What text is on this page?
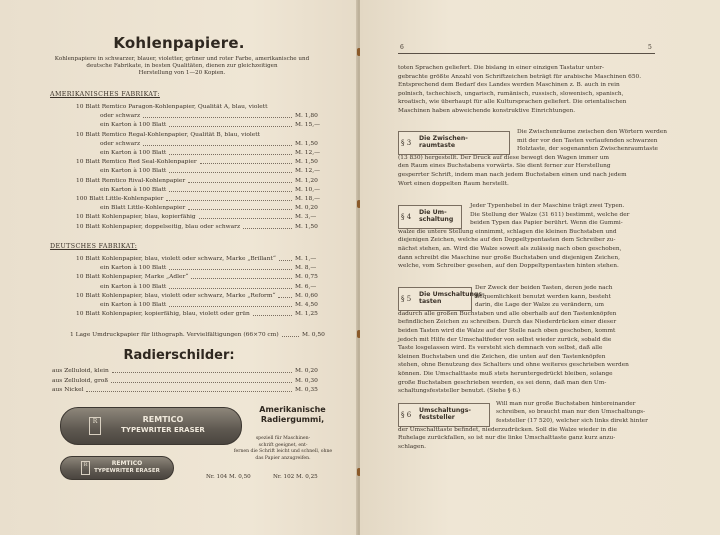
Kohlenpapiere.
Kohlenpapiere in schwarzer, blauer, violetter, grüner und roter Farbe, amerikanische und
deutsche Fabrikate, in besten Qualitäten, dienen zur gleichzeitigen
Herstellung von 1—20 Kopien.
AMERIKANISCHES FABRIKAT:
10 Blatt Remtico Paragon-Kohlenpapier, Qualität A, blau, violett
oder schwarz	M. 1,80
ein Karton à 100 Blatt	M. 15,—
10 Blatt Remtico Regal-Kohlenpapier, Qualität B, blau, violett
oder schwarz	M. 1,50
ein Karton à 100 Blatt	M. 12,—
10 Blatt Remtico Red Seal-Kohlenpapier	M. 1,50
ein Karton à 100 Blatt	M. 12,—
10 Blatt Remtico Rival-Kohlenpapier	M. 1,20
ein Karton à 100 Blatt	M. 10,—
100 Blatt Little-Kohlenpapier	M. 18,—
ein Blatt Little-Kohlenpapier	M. 0,20
10 Blatt Kohlenpapier, blau, kopierfähig	M. 3,—
10 Blatt Kohlenpapier, doppelseitig, blau oder schwarz	M. 1,50
DEUTSCHES FABRIKAT:
10 Blatt Kohlenpapier, blau, violett oder schwarz, Marke „Brillant“	M. 1,—
ein Karton à 100 Blatt	M. 8,—
10 Blatt Kohlenpapier, Marke „Adler“	M. 0,75
ein Karton à 100 Blatt	M. 6,—
10 Blatt Kohlenpapier, blau, violett oder schwarz, Marke „Reform“	M. 0,60
ein Karton à 100 Blatt	M. 4,50
10 Blatt Kohlenpapier, kopierfähig, blau, violett oder grün	M. 1,25
1 Lage Umdruckpapier für lithograph. Vervielfältigungen (66×70 cm)	M. 0,50
Radierschilder:
aus Zelluloid, klein	M. 0,20
aus Zelluloid, groß	M. 0,30
aus Nickel	M. 0,35
R	REMTICO
TYPEWRITER ERASER
R	REMTICO
TYPEWRITER ERASER
Amerikanische
Radiergummi,
speziell für Maschinen-
schrift geeignet, ent-
fernen die Schrift leicht und schnell, ohne
das Papier anzugreifen.
Nr. 104 M. 0,50	Nr. 102 M. 0,25
6	5
toten Sprachen geliefert. Die bislang in einer einzigen Tastatur unter-
gebrachte größte Anzahl von Schriftzeichen beträgt für arabische Maschinen 650.
Entsprechend dem Bedarf des Landes werden Maschinen z. B. auch in rein
polnisch, tschechisch, ungarisch, rumänisch, russisch, slowenisch, spanisch,
kroatisch, wie überhaupt für alle Kultursprachen geliefert. Die orientalischen
Maschinen haben abweichende konstruktive Einrichtungen.
§ 3
Die Zwischen-
raumtaste
Die Zwischenräume zwischen den Wörtern werden
mit der vor den Tasten verlaufenden schwarzen
Holztaste, der sogenannten Zwischenraumtaste
(13 830) hergestellt. Der Druck auf diese bewegt den Wagen immer um
den Raum eines Buchstabens vorwärts. Sie dient ferner zur Herstellung
gesperrter Schrift, indem man nach jedem Buchstaben einen und nach jedem
Wort einen doppelten Raum herstellt.
§ 4
Die Um-
schaltung
Jeder Typenhebel in der Maschine trägt zwei Typen.
Die Stellung der Walze (31 611) bestimmt, welche der
beiden Typen das Papier berührt. Wenn die Gummi-
walze die untere Stellung einnimmt, schlagen die kleinen Buchstaben und
diejenigen Zeichen, welche auf den Doppeltypentasten dem Schreiber zu-
nächst stehen, an. Wird die Walze soweit als zulässig nach oben geschoben,
dann schreibt die Maschine nur große Buchstaben und diejenigen Zeichen,
welche, vom Schreiber gesehen, auf den Doppeltypentasten hinten stehen.
§ 5
Die Umschaltungs-
tasten
Der Zweck der beiden Tasten, deren jede nach
Bequemlichkeit benutzt werden kann, besteht
darin, die Lage der Walze zu verändern, um
dadurch alle großen Buchstaben und alle oberhalb auf den Tastenknöpfen
befindlichen Zeichen zu schreiben. Durch das Niederdrücken einer dieser
beiden Tasten wird die Walze auf der Stelle nach oben geschoben, kommt
jedoch mit Hilfe der Umschaltfeder von selbst wieder zurück, sobald die
Taste losgelassen wird. Es versteht sich demnach von selbst, daß alle
kleinen Buchstaben und die Zeichen, die unten auf den Tastenknöpfen
stehen, ohne Benutzung des Schalters und ohne weiteres geschrieben werden
können. Die Umschalttaste muß stets heruntergedrückt bleiben, solange
große Buchstaben geschrieben werden, es sei denn, daß man den Um-
schaltungsfeststeller benutzt. (Siehe § 6.)
§ 6
Umschaltungs-
feststeller
Will man nur große Buchstaben hintereinander
schreiben, so braucht man nur den Umschaltungs-
feststeller (17 520), welcher sich links direkt hinter
der Umschalttaste befindet, niederzudrücken. Soll die Walze wieder in die
Ruhelage zurückfallen, so ist nur die linke Umschalttaste ganz kurz anzu-
schlagen.
